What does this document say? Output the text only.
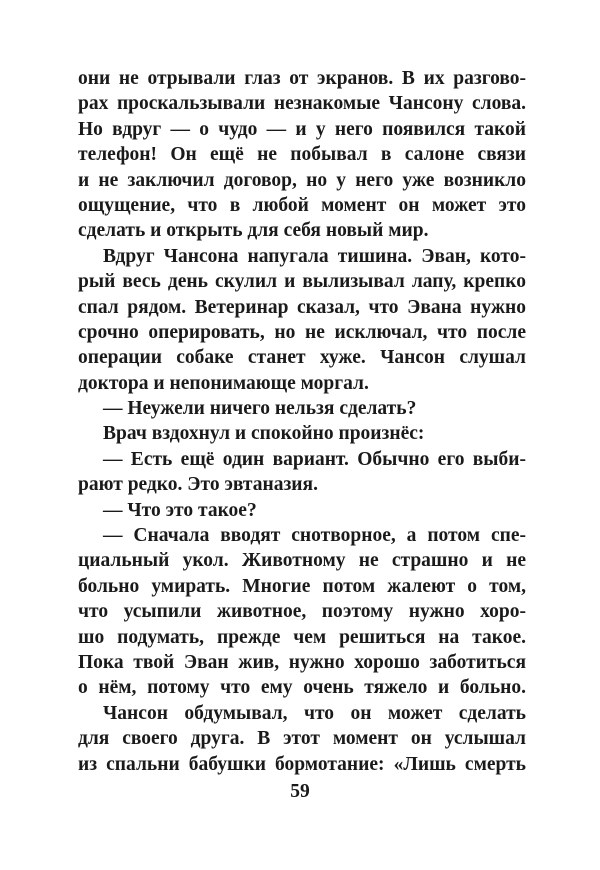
они не отрывали глаз от экранов. В их разгово-
рах проскальзывали незнакомые Чансону слова.
Но вдруг — о чудо — и у него появился такой
телефон! Он ещё не побывал в салоне связи
и не заключил договор, но у него уже возникло
ощущение, что в любой момент он может это
сделать и открыть для себя новый мир.
Вдруг Чансона напугала тишина. Эван, кото-
рый весь день скулил и вылизывал лапу, крепко
спал рядом. Ветеринар сказал, что Эвана нужно
срочно оперировать, но не исключал, что после
операции собаке станет хуже. Чансон слушал
доктора и непонимающе моргал.
— Неужели ничего нельзя сделать?
Врач вздохнул и спокойно произнёс:
— Есть ещё один вариант. Обычно его выби-
рают редко. Это эвтаназия.
— Что это такое?
— Сначала вводят снотворное, а потом спе-
циальный укол. Животному не страшно и не
больно умирать. Многие потом жалеют о том,
что усыпили животное, поэтому нужно хоро-
шо подумать, прежде чем решиться на такое.
Пока твой Эван жив, нужно хорошо заботиться
о нём, потому что ему очень тяжело и больно.
Чансон обдумывал, что он может сделать
для своего друга. В этот момент он услышал
из спальни бабушки бормотание: «Лишь смерть
59
